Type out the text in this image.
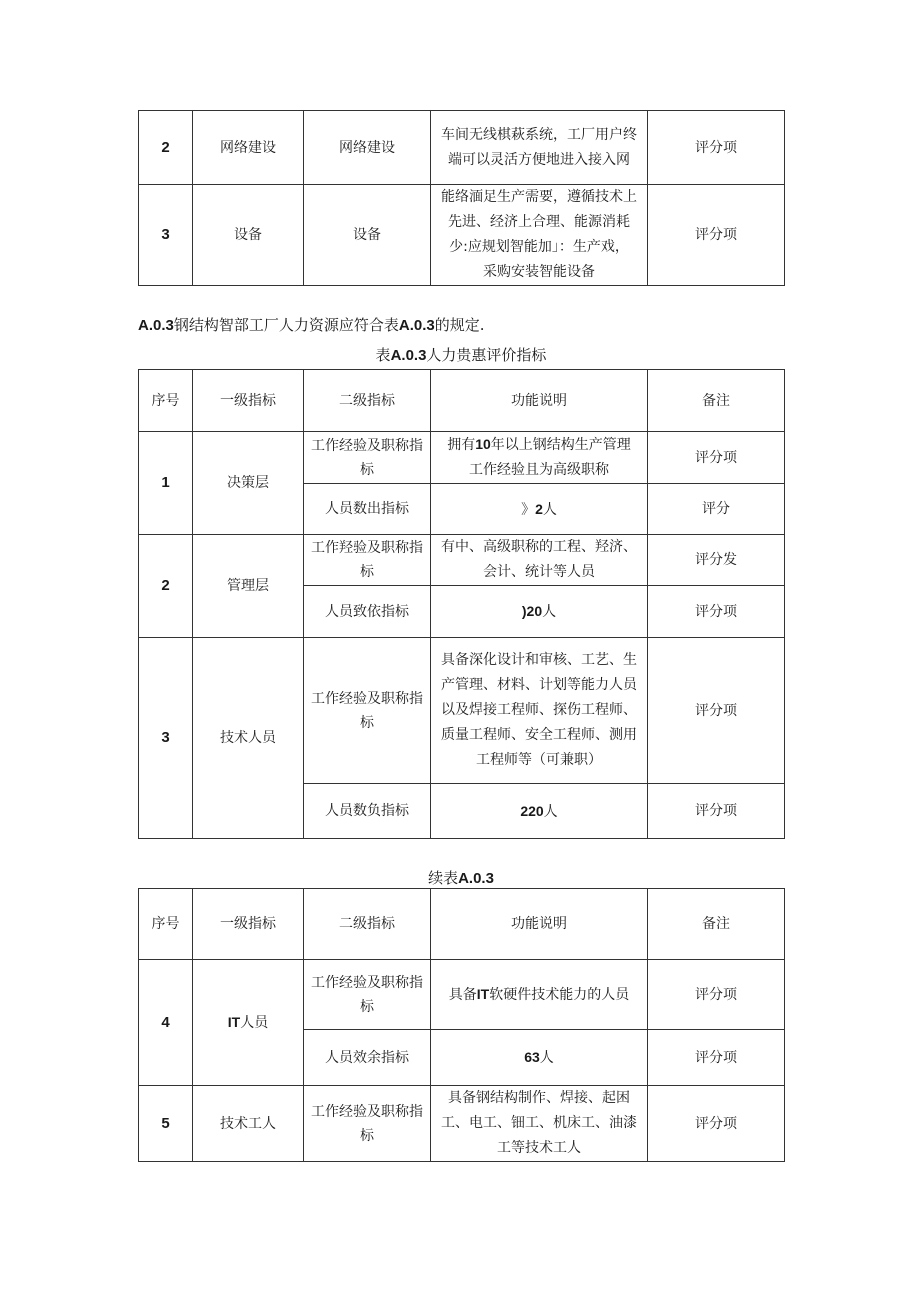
2	网络建设	网络建设	车间无线棋萩系统，工厂用户终
端可以灵活方便地进入接入网	评分项
3	设备	设备	能络湎足生产需要，遵循技术上
先进、经济上合理、能源消耗
少:应规划智能加」：生产戏，
采购安装智能设备	评分项
A.0.3钢结构智部工厂人力资源应符合表A.0.3的规定.
表A.0.3人力贵惠评价指标
序号	一级指标	二级指标	功能说明	备注
1	决策层	工作经验及职称指
标	拥有10年以上钢结构生产管理
工作经验且为高级职称	评分项
		人员数出指标	》2人	评分
2	管理层	工作羟验及职称指
标	有中、高级职称的工程、羟济、
会计、统计等人员	评分发
		人员致依指标	)20人	评分项
3	技术人员	工作经验及职称指
标	具备深化设计和审核、工艺、生
产管理、材料、计划等能力人员
以及焊接工程师、探伤工程师、
质量工程师、安全工程师、测用
工程师等（可兼职）	评分项
		人员数负指标	220人	评分项
续表A.0.3
序号	一级指标	二级指标	功能说明	备注
4	IT人员	工作经验及职称指
标	具备IT软硬件技术能力的人员	评分项
		人员效余指标	63人	评分项
5	技术工人	工作经验及职称指
标	具备钢结构制作、焊接、起困
工、电工、钿工、机床工、油漆
工等技术工人	评分项
